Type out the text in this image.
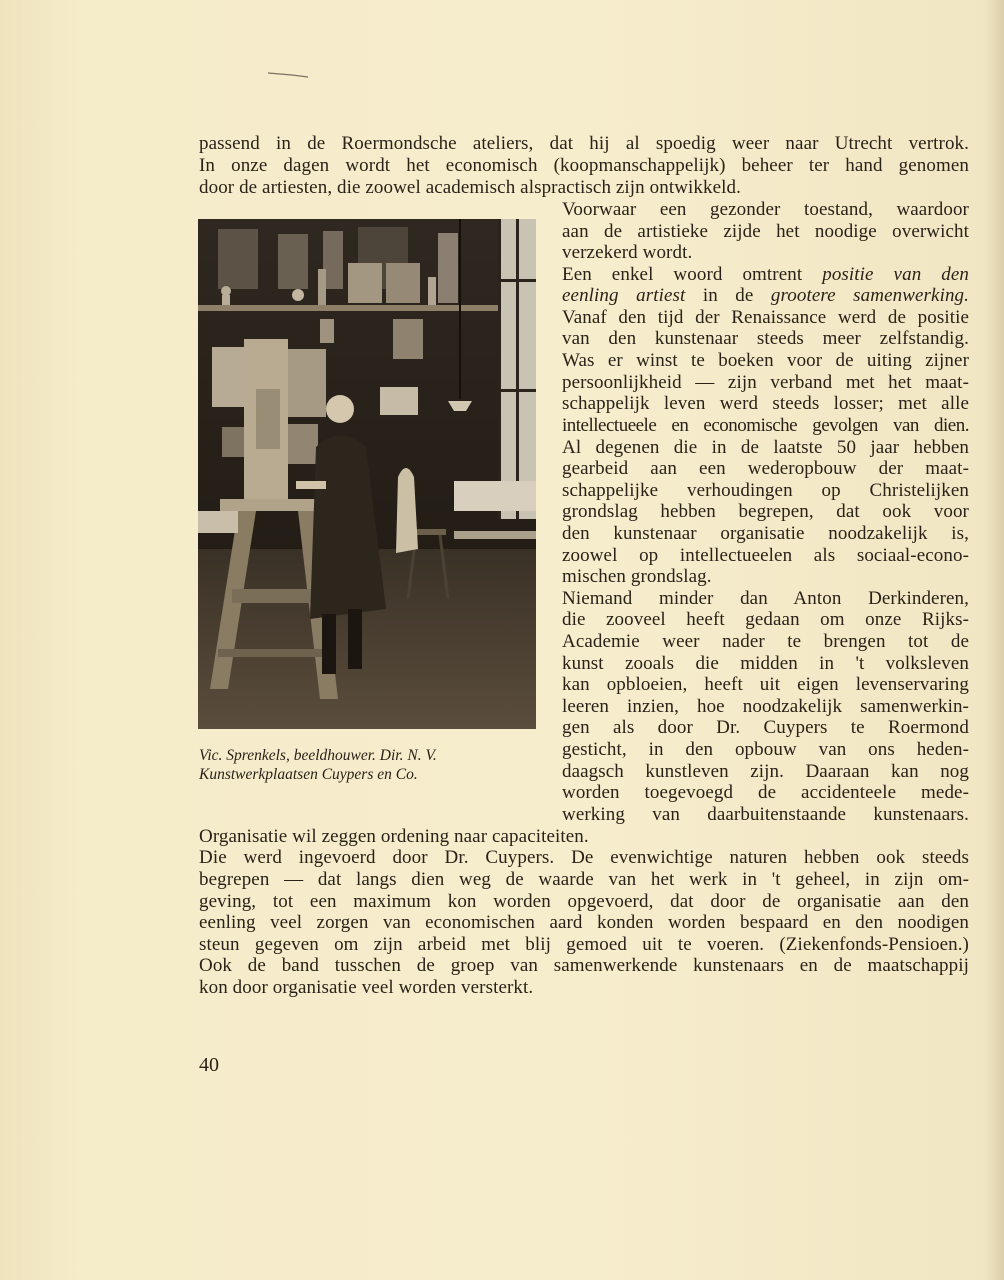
passend in de Roermondsche ateliers, dat hij al spoedig weer naar Utrecht vertrok.
In onze dagen wordt het economisch (koopmanschappelijk) beheer ter hand genomen
door de artiesten, die zoowel academisch alspractisch zijn ontwikkeld.
Vic. Sprenkels, beeldhouwer. Dir. N. V.
Kunstwerkplaatsen Cuypers en Co.
Voorwaar een gezonder toestand, waardoor
aan de artistieke zijde het noodige overwicht
verzekerd wordt.
Een enkel woord omtrent positie van den
eenling artiest in de grootere samenwerking.
Vanaf den tijd der Renaissance werd de positie
van den kunstenaar steeds meer zelfstandig.
Was er winst te boeken voor de uiting zijner
persoonlijkheid — zijn verband met het maat-
schappelijk leven werd steeds losser; met alle
intellectueele en economische gevolgen van dien.
Al degenen die in de laatste 50 jaar hebben
gearbeid aan een wederopbouw der maat-
schappelijke verhoudingen op Christelijken
grondslag hebben begrepen, dat ook voor
den kunstenaar organisatie noodzakelijk is,
zoowel op intellectueelen als sociaal-econo-
mischen grondslag.
Niemand minder dan Anton Derkinderen,
die zooveel heeft gedaan om onze Rijks-
Academie weer nader te brengen tot de
kunst zooals die midden in 't volksleven
kan opbloeien, heeft uit eigen levenservaring
leeren inzien, hoe noodzakelijk samenwerkin-
gen als door Dr. Cuypers te Roermond
gesticht, in den opbouw van ons heden-
daagsch kunstleven zijn. Daaraan kan nog
worden toegevoegd de accidenteele mede-
werking van daarbuitenstaande kunstenaars.
Organisatie wil zeggen ordening naar capaciteiten.
Die werd ingevoerd door Dr. Cuypers. De evenwichtige naturen hebben ook steeds
begrepen — dat langs dien weg de waarde van het werk in 't geheel, in zijn om-
geving, tot een maximum kon worden opgevoerd, dat door de organisatie aan den
eenling veel zorgen van economischen aard konden worden bespaard en den noodigen
steun gegeven om zijn arbeid met blij gemoed uit te voeren. (Ziekenfonds-Pensioen.)
Ook de band tusschen de groep van samenwerkende kunstenaars en de maatschappij
kon door organisatie veel worden versterkt.
40
